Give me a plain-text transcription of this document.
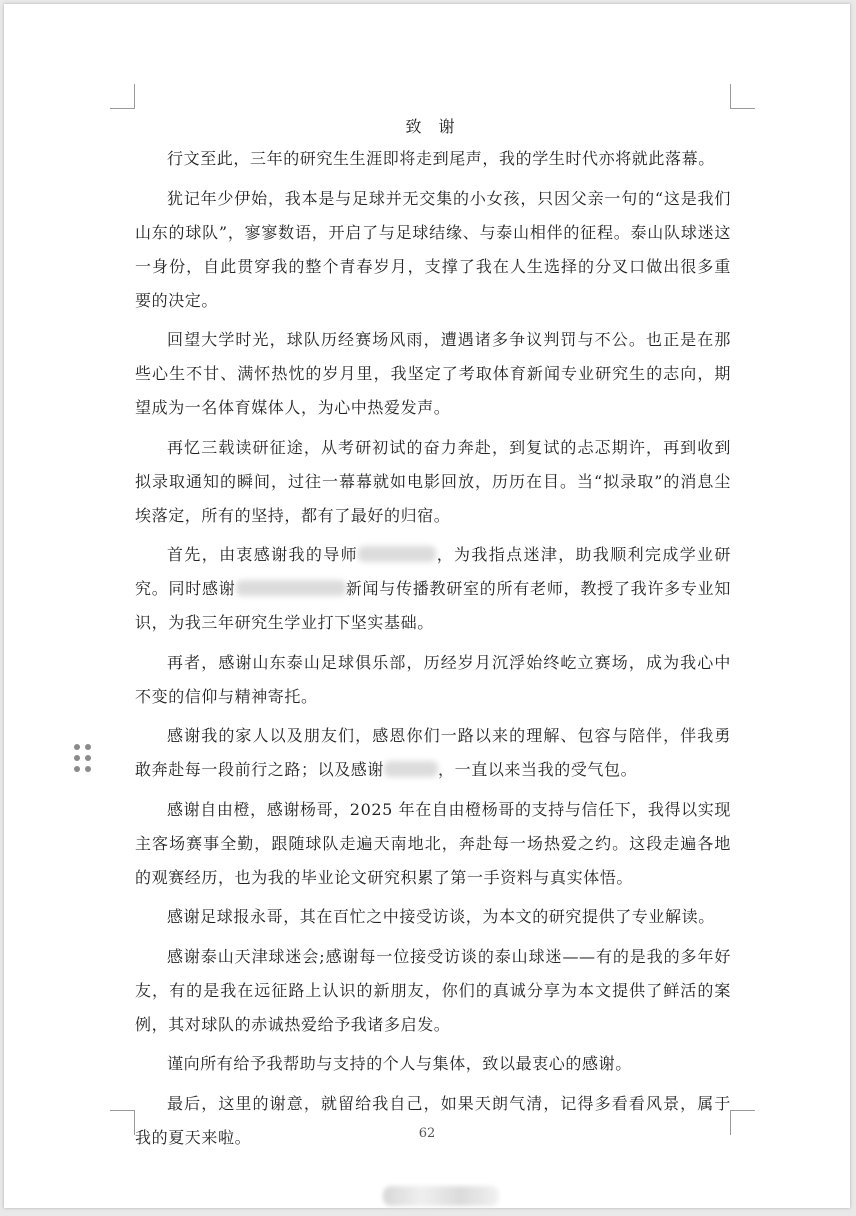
致 谢

行文至此，三年的研究生生涯即将走到尾声，我的学生时代亦将就此落幕。

犹记年少伊始，我本是与足球并无交集的小女孩，只因父亲一句的“这是我们山东的球队”，寥寥数语，开启了与足球结缘、与泰山相伴的征程。泰山队球迷这一身份，自此贯穿我的整个青春岁月，支撑了我在人生选择的分叉口做出很多重要的决定。

回望大学时光，球队历经赛场风雨，遭遇诸多争议判罚与不公。也正是在那些心生不甘、满怀热忱的岁月里，我坚定了考取体育新闻专业研究生的志向，期望成为一名体育媒体人，为心中热爱发声。

再忆三载读研征途，从考研初试的奋力奔赴，到复试的忐忑期许，再到收到拟录取通知的瞬间，过往一幕幕就如电影回放，历历在目。当“拟录取”的消息尘埃落定，所有的坚持，都有了最好的归宿。

首先，由衷感谢我的导师	，为我指点迷津，助我顺利完成学业研究。同时感谢	新闻与传播教研室的所有老师，教授了我许多专业知识，为我三年研究生学业打下坚实基础。

再者，感谢山东泰山足球俱乐部，历经岁月沉浮始终屹立赛场，成为我心中不变的信仰与精神寄托。

感谢我的家人以及朋友们，感恩你们一路以来的理解、包容与陪伴，伴我勇敢奔赴每一段前行之路；以及感谢	，一直以来当我的受气包。

感谢自由橙，感谢杨哥，2025 年在自由橙杨哥的支持与信任下，我得以实现主客场赛事全勤，跟随球队走遍天南地北，奔赴每一场热爱之约。这段走遍各地的观赛经历，也为我的毕业论文研究积累了第一手资料与真实体悟。

感谢足球报永哥，其在百忙之中接受访谈，为本文的研究提供了专业解读。

感谢泰山天津球迷会;感谢每一位接受访谈的泰山球迷——有的是我的多年好友，有的是我在远征路上认识的新朋友，你们的真诚分享为本文提供了鲜活的案例，其对球队的赤诚热爱给予我诸多启发。

谨向所有给予我帮助与支持的个人与集体，致以最衷心的感谢。

最后，这里的谢意，就留给我自己，如果天朗气清，记得多看看风景，属于我的夏天来啦。	62
